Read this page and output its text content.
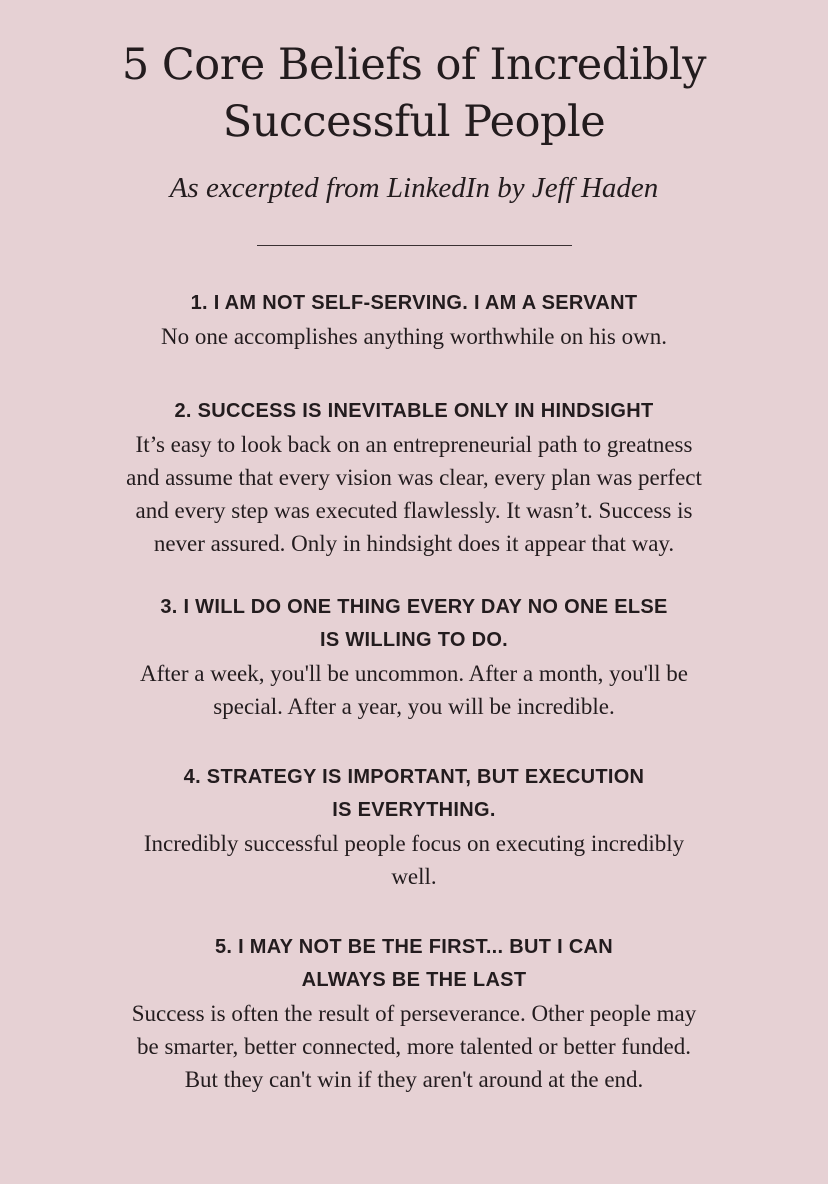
5 Core Beliefs of Incredibly
Successful People

As excerpted from LinkedIn by Jeff Haden

1. I AM NOT SELF-SERVING. I AM A SERVANT
No one accomplishes anything worthwhile on his own.
2. SUCCESS IS INEVITABLE ONLY IN HINDSIGHT
It’s easy to look back on an entrepreneurial path to greatness
and assume that every vision was clear, every plan was perfect
and every step was executed flawlessly. It wasn’t. Success is
never assured. Only in hindsight does it appear that way.
3. I WILL DO ONE THING EVERY DAY NO ONE ELSE
IS WILLING TO DO.
After a week, you'll be uncommon. After a month, you'll be
special. After a year, you will be incredible.
4. STRATEGY IS IMPORTANT, BUT EXECUTION
IS EVERYTHING.
Incredibly successful people focus on executing incredibly
well.
5. I MAY NOT BE THE FIRST... BUT I CAN
ALWAYS BE THE LAST
Success is often the result of perseverance. Other people may
be smarter, better connected, more talented or better funded.
But they can't win if they aren't around at the end.
